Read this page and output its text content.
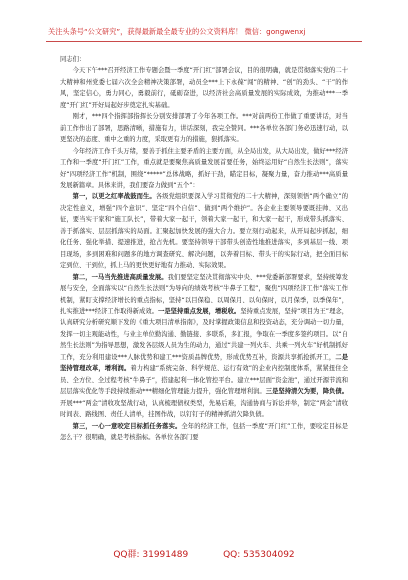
关注头条号“公文研究”，获得最新最全最专业的公文资料库！ 微信：gongwenxj

同志们：

今天下午***召开经济工作专题会暨一季度“开门红”部署会议，目的很明确，就是贯彻落实党的二十大精神和州党委七届六次全会精神决策部署，动员全***上下永葆“闯”的精神、“创”的劲头、“干”的作风，坚定信心，勇力同心，勇毅前行，砥砺奋进，以经济社会高质量发展的实际成效，为推动***一季度“开门红”开好局起好步奠定扎实基础。

刚才，***四个指挥部指挥长分别安排部署了今年各项工作。***对前两份工作做了重要讲话，对当前工作作出了部署，思路清晰，措施有力，讲话深刻，我完全赞同。***各单位各部门务必迅速行动，以更坚决的态度、重中之重的力度，采取更有力的措施，狠抓落实。

今年经济工作千头万绪，要善于抓住主要矛盾的主要方面，从全局出发，从大局出发，做好***经济工作和一季度“开门红”工作，重点就是要聚焦高质量发展首要任务，始终运用好“自然生长法则”，落实好“四项经济工作”机制，围绕“*****”总体战略，抓好干劲，瞄定目标，凝聚力量，奋力推动***高质量发展新篇章。具体来讲，我们要奋力做到“五个”：

第一，以更之红率战鼓而生。各级党组织要深入学习贯彻党的二十大精神，深刻领悟“两个确立”的决定性意义，增强“四个意识”、坚定“四个自信”、做到“两个维护”。各企业主要领导要既挂帅、又出征，要当实干家和“施工队长”，带着大家一起干，领着大家一起干，和大家一起干，形成带头抓落实、善于抓落实、层层抓落实的局面。汇聚起加快发展的强大合力。要立刻行动起来，从开局起步抓起，细化任务、强化举措、提速推进，抢占先机。要坚持领导干部带头创造性地推进落实，多到基层一线、项目现场，多到困难和问题多的地方调查研究、解决问题，以奔着目标、带头干的实际行动，把全面目标定到位、干到位，抓上马的更快更好地有力推动、实际效果。

第二，一马当先推进高质量发展。我们要坚定坚决贯彻落实中央、***党委新部署要求，坚持统筹发展与安全，全面落实以“自然生长法则”为导向的绩效考核“牛鼻子工程”，聚焦“四项经济工作”落实工作机制，紧盯支撑经济增长的重点指标，坚持“以目保稳、以周保月、以旬保时，以月保季，以季保年”，扎实推进***经济工作取得新成效。一是坚持重点发展，增税收。坚持重点发展，坚持“项目为王”理念，认真研究分析研究顺下发的《重大项目清单指南》，及时掌握政策信息和投资动态，充分调动一切力量，发挥一切主观能动性，与业主单位勤沟通、勤链接、多联系，多汇报，争取在一季度多签约项目。以“自然生长法则”为指导思想，激发各层级人员为生的动力，通过“共建一列火车、共乘一列火车”好机制抓好工作，充分利用建设***人脉优势和建工***资质品牌优势，形成优势互补，资源共享抓抢抓开工，二是坚持管理改革，增利润。着力构建“系统完备、科学规范、运行有效”的企业内控制度体系，紧紧扭住全员、全方位、全过程考核“牛鼻子”，搭建起利一体化管控平台。建立***层面“资金池”，通过开源节流和层层落实优化等手段持续推动***精细化管理能力提升，强化管理增利润。三是坚持清欠为要，降负债。开展***“两金”清收攻坚战行动，认真梳理债权类型，先易后难，沟通协商与诉讼并举，制定“两金”清收时间表、路线图、责任人清单，挂图作战，以钉钉子的精神抓清欠降负债。

第三，一心一意咬定目标抓任务落实。全年的经济工作，包括一季度“开门红”工作，要咬定目标是怎么干？很明确，就是考核指标。各单位各部门要

QQ群: 31991489	QQ: 535304092
